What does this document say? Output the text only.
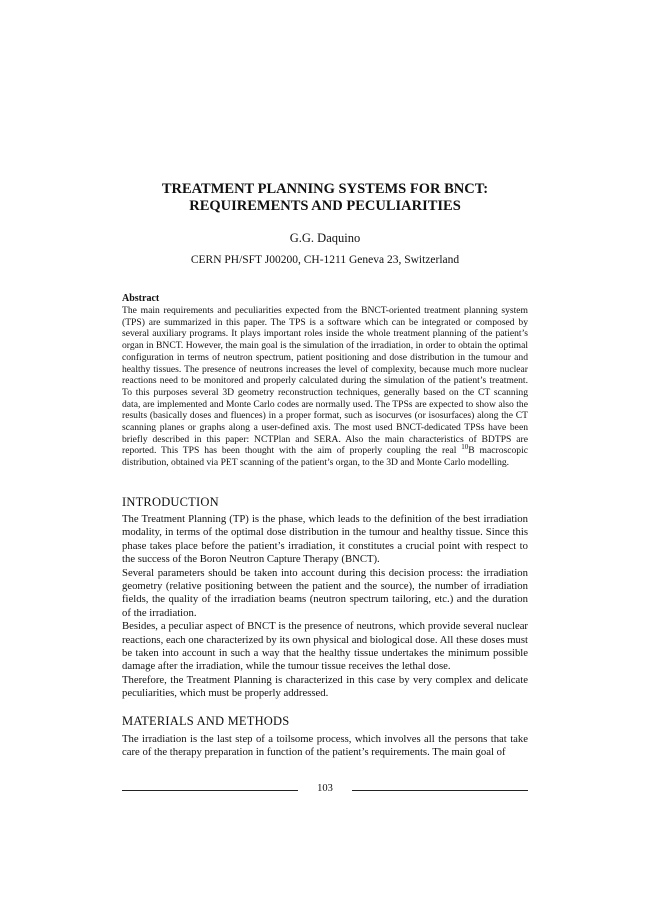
TREATMENT PLANNING SYSTEMS FOR BNCT:
REQUIREMENTS AND PECULIARITIES
G.G. Daquino
CERN PH/SFT J00200, CH-1211 Geneva 23, Switzerland
Abstract

The main requirements and peculiarities expected from the BNCT-oriented treatment planning system (TPS) are summarized in this paper. The TPS is a software which can be integrated or composed by several auxiliary programs. It plays important roles inside the whole treatment planning of the patient’s organ in BNCT. However, the main goal is the simulation of the irradiation, in order to obtain the optimal configuration in terms of neutron spectrum, patient positioning and dose distribution in the tumour and healthy tissues. The presence of neutrons increases the level of complexity, because much more nuclear reactions need to be monitored and properly calculated during the simulation of the patient’s treatment. To this purposes several 3D geometry reconstruction techniques, generally based on the CT scanning data, are implemented and Monte Carlo codes are normally used. The TPSs are expected to show also the results (basically doses and fluences) in a proper format, such as isocurves (or isosurfaces) along the CT scanning planes or graphs along a user-defined axis. The most used BNCT-dedicated TPSs have been briefly described in this paper: NCTPlan and SERA. Also the main characteristics of BDTPS are reported. This TPS has been thought with the aim of properly coupling the real $^{10}$B macroscopic distribution, obtained via PET scanning of the patient’s organ, to the 3D and Monte Carlo modelling.

INTRODUCTION

The Treatment Planning (TP) is the phase, which leads to the definition of the best irradiation modality, in terms of the optimal dose distribution in the tumour and healthy tissue. Since this phase takes place before the patient’s irradiation, it constitutes a crucial point with respect to the success of the Boron Neutron Capture Therapy (BNCT).

Several parameters should be taken into account during this decision process: the irradiation geometry (relative positioning between the patient and the source), the number of irradiation fields, the quality of the irradiation beams (neutron spectrum tailoring, etc.) and the duration of the irradiation.

Besides, a peculiar aspect of BNCT is the presence of neutrons, which provide several nuclear reactions, each one characterized by its own physical and biological dose. All these doses must be taken into account in such a way that the healthy tissue undertakes the minimum possible damage after the irradiation, while the tumour tissue receives the lethal dose.

Therefore, the Treatment Planning is characterized in this case by very complex and delicate peculiarities, which must be properly addressed.

MATERIALS AND METHODS

The irradiation is the last step of a toilsome process, which involves all the persons that take care of the therapy preparation in function of the patient’s requirements. The main goal of

103
